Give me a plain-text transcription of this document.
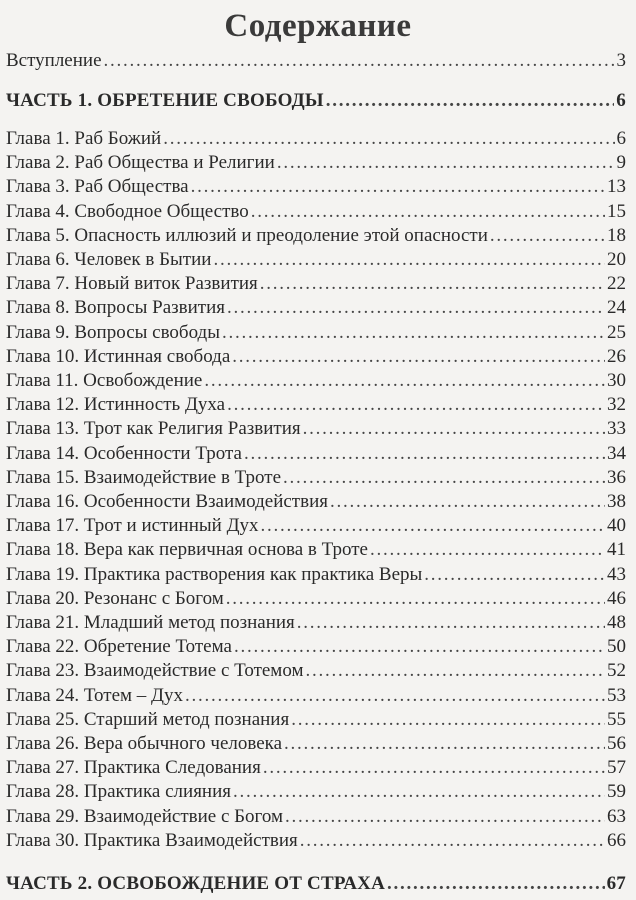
Содержание
Вступление . . .	3
ЧАСТЬ 1. ОБРЕТЕНИЕ СВОБОДЫ . . .	6
Глава 1. Раб Божий . . .	6
Глава 2. Раб Общества и Религии . . .	9
Глава 3. Раб Общества . . .	13
Глава 4. Свободное Общество . . .	15
Глава 5. Опасность иллюзий и преодоление этой опасности . . .	18
Глава 6. Человек в Бытии . . .	20
Глава 7. Новый виток Развития . . .	22
Глава 8. Вопросы Развития . . .	24
Глава 9. Вопросы свободы . . .	25
Глава 10. Истинная свобода . . .	26
Глава 11. Освобождение . . .	30
Глава 12. Истинность Духа . . .	32
Глава 13. Трот как Религия Развития . . .	33
Глава 14. Особенности Трота . . .	34
Глава 15. Взаимодействие в Троте . . .	36
Глава 16. Особенности Взаимодействия . . .	38
Глава 17. Трот и истинный Дух . . .	40
Глава 18. Вера как первичная основа в Троте . . .	41
Глава 19. Практика растворения как практика Веры . . .	43
Глава 20. Резонанс с Богом . . .	46
Глава 21. Младший метод познания . . .	48
Глава 22. Обретение Тотема . . .	50
Глава 23. Взаимодействие с Тотемом . . .	52
Глава 24. Тотем – Дух . . .	53
Глава 25. Старший метод познания . . .	55
Глава 26. Вера обычного человека . . .	56
Глава 27. Практика Следования . . .	57
Глава 28. Практика слияния . . .	59
Глава 29. Взаимодействие с Богом . . .	63
Глава 30. Практика Взаимодействия . . .	66
ЧАСТЬ 2. ОСВОБОЖДЕНИЕ ОТ СТРАХА . . .	67
